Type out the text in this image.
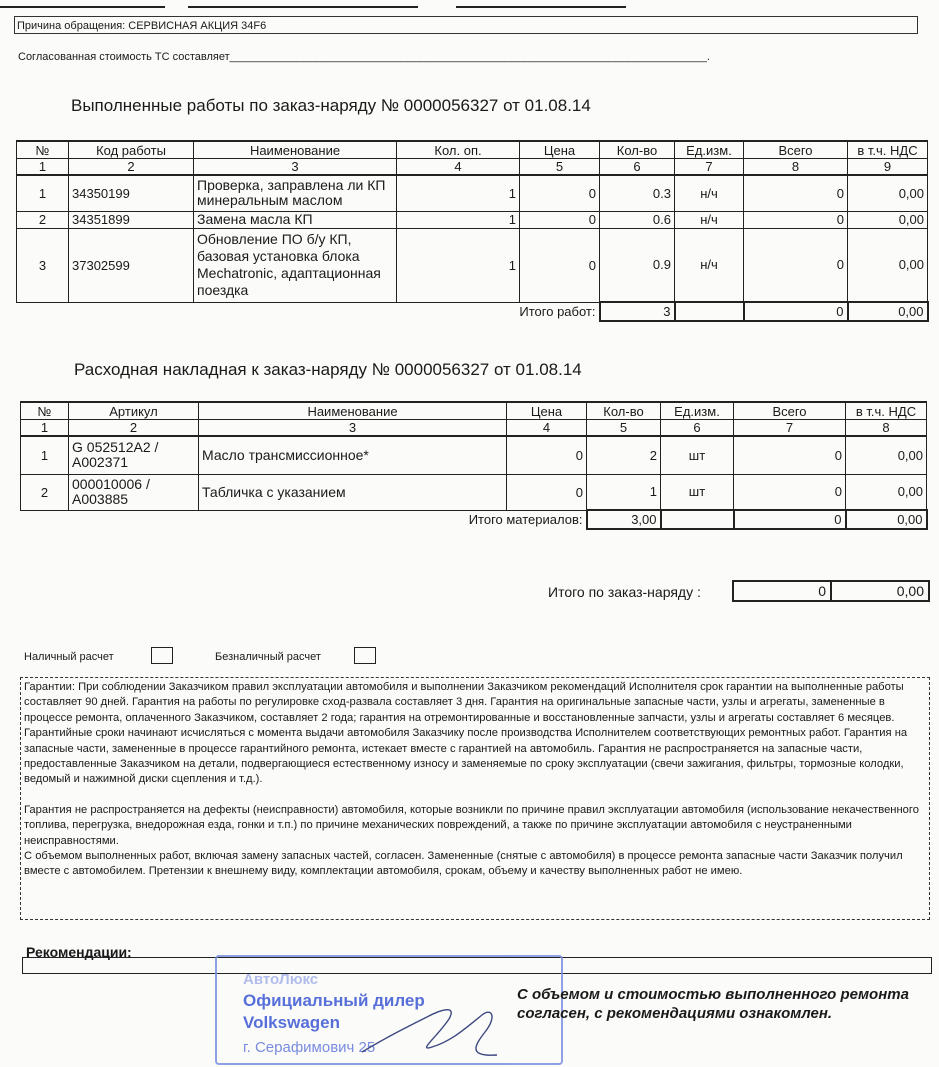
Причина обращения: СЕРВИСНАЯ АКЦИЯ 34F6
Согласованная стоимость ТС составляет______________________________________________________________________________.
Выполненные работы по заказ-наряду № 0000056327 от 01.08.14
№	Код работы	Наименование	Кол. оп.	Цена	Кол-во	Ед.изм.	Всего	в т.ч. НДС
1	2	3	4	5	6	7	8	9
1	34350199	Проверка, заправлена ли КП минеральным маслом	1	0	0.3	н/ч	0	0,00
2	34351899	Замена масла КП	1	0	0.6	н/ч	0	0,00
3	37302599	Обновление ПО б/у КП, базовая установка блока Mechatronic, адаптационная поездка	1	0	0.9	н/ч	0	0,00
Итого работ:					3		0	0,00
Расходная накладная к заказ-наряду № 0000056327 от 01.08.14
№	Артикул	Наименование	Цена	Кол-во	Ед.изм.	Всего	в т.ч. НДС
1	2	3	4	5	6	7	8
1	G 052512A2 / A002371	Масло трансмиссионное*	0	2	шт	0	0,00
2	000010006 / A003885	Табличка с указанием	0	1	шт	0	0,00
Итого материалов:				3,00		0	0,00
Итого по заказ-наряду :	0	0,00
Наличный расчет	Безналичный расчет

Гарантии: При соблюдении Заказчиком правил эксплуатации автомобиля и выполнении Заказчиком рекомендаций Исполнителя срок гарантии на выполненные работы составляет 90 дней. Гарантия на работы по регулировке сход-развала составляет 3 дня. Гарантия на оригинальные запасные части, узлы и агрегаты, замененные в процессе ремонта, оплаченного Заказчиком, составляет 2 года; гарантия на отремонтированные и восстановленные запчасти, узлы и агрегаты составляет 6 месяцев. Гарантийные сроки начинают исчисляться с момента выдачи автомобиля Заказчику после производства Исполнителем соответствующих ремонтных работ. Гарантия на запасные части, замененные в процессе гарантийного ремонта, истекает вместе с гарантией на автомобиль. Гарантия не распространяется на запасные части, предоставленные Заказчиком на детали, подвергающиеся естественному износу и заменяемые по сроку эксплуатации (свечи зажигания, фильтры, тормозные колодки, ведомый и нажимной диски сцепления и т.д.).

Гарантия не распространяется на дефекты (неисправности) автомобиля, которые возникли по причине правил эксплуатации автомобиля (использование некачественного топлива, перегрузка, внедорожная езда, гонки и т.п.) по причине механических повреждений, а также по причине эксплуатации автомобиля с неустраненными неисправностями.

С объемом выполненных работ, включая замену запасных частей, согласен. Замененные (снятые с автомобиля) в процессе ремонта запасные части Заказчик получил вместе с автомобилем. Претензии к внешнему виду, комплектации автомобиля, срокам, объему и качеству выполненных работ не имею.

Рекомендации:
АвтоЛюкс
Официальный дилер
Volkswagen
г. Серафимович 25
С объемом и стоимостью выполненного ремонта согласен, с рекомендациями ознакомлен.
